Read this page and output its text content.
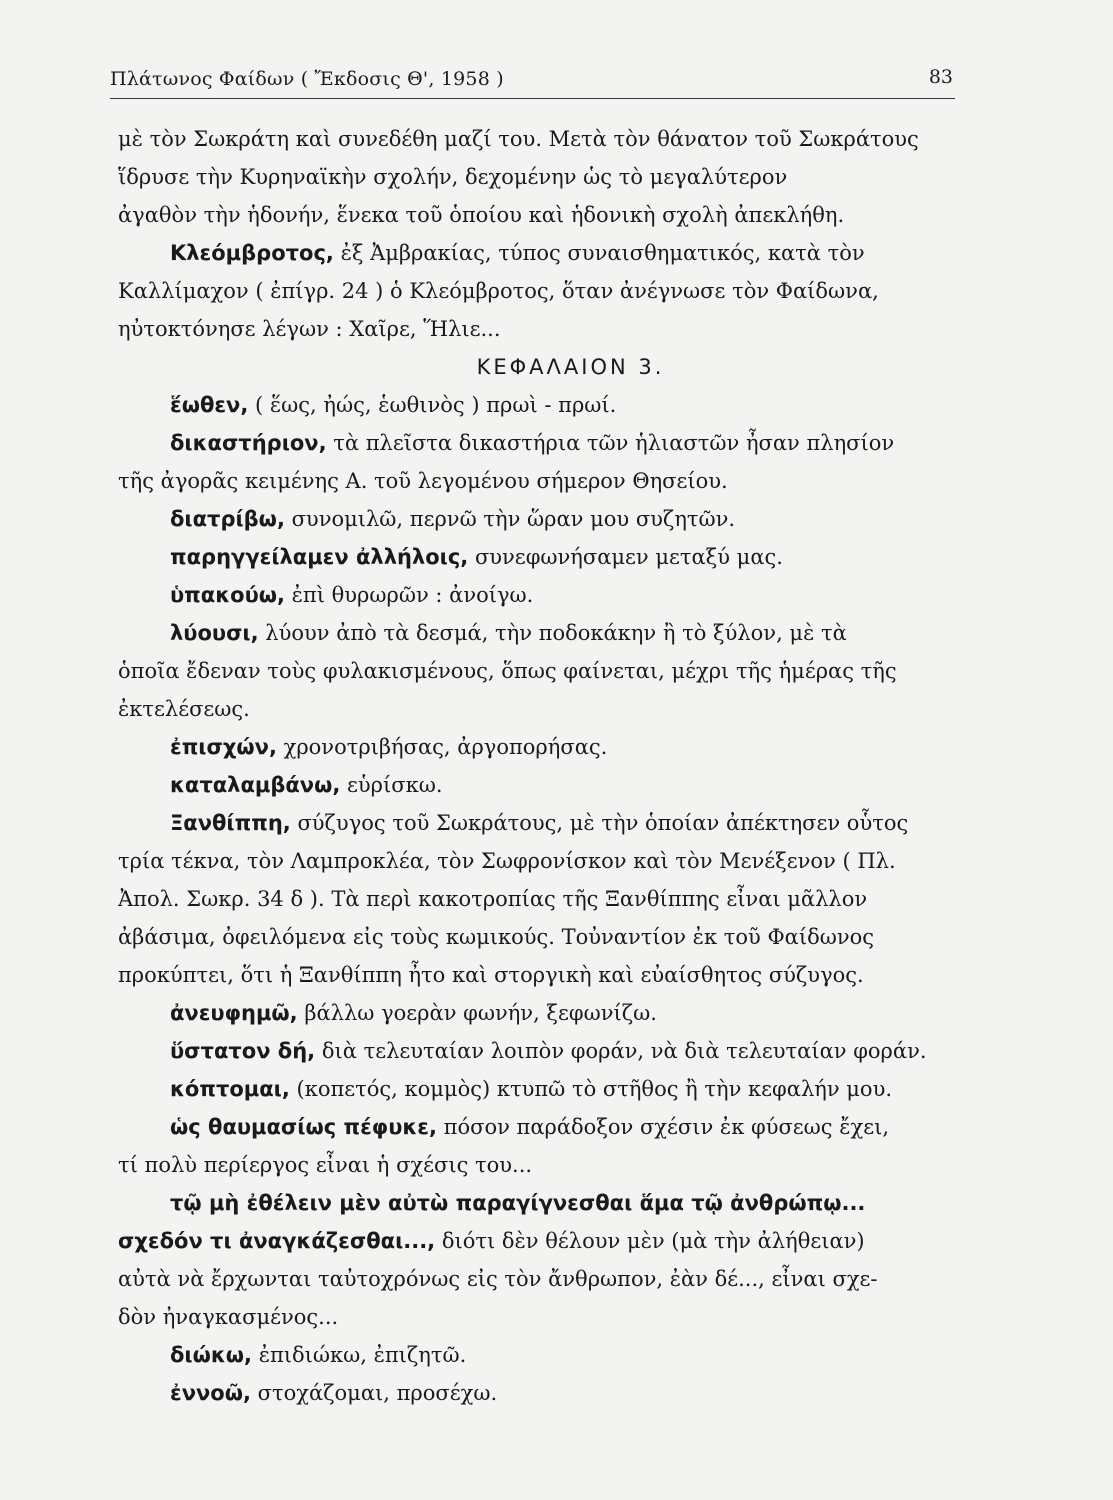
Πλάτωνος Φαίδων ( Ἔκδοσις Θ', 1958 )	83
μὲ τὸν Σωκράτη καὶ συνεδέθη μαζί του. Μετὰ τὸν θάνατον τοῦ Σωκράτους
ἵδρυσε τὴν Κυρηναϊκὴν σχολήν, δεχομένην ὡς τὸ μεγαλύτερον
ἀγαθὸν τὴν ἡδονήν, ἕνεκα τοῦ ὁποίου καὶ ἡδονικὴ σχολὴ ἀπεκλήθη.
Κλεόμβροτος, ἐξ Ἀμβρακίας, τύπος συναισθηματικός, κατὰ τὸν
Καλλίμαχον ( ἐπίγρ. 24 ) ὁ Κλεόμβροτος, ὅταν ἀνέγνωσε τὸν Φαίδωνα,
ηὐτοκτόνησε λέγων : Χαῖρε, Ἥλιε...
ΚΕΦΑΛΑΙΟΝ 3.
ἕωθεν, ( ἕως, ἠώς, ἑωθινὸς ) πρωὶ - πρωί.
δικαστήριον, τὰ πλεῖστα δικαστήρια τῶν ἡλιαστῶν ἦσαν πλησίον
τῆς ἀγορᾶς κειμένης Α. τοῦ λεγομένου σήμερον Θησείου.
διατρίβω, συνομιλῶ, περνῶ τὴν ὥραν μου συζητῶν.
παρηγγείλαμεν ἀλλήλοις, συνεφωνήσαμεν μεταξύ μας.
ὑπακούω, ἐπὶ θυρωρῶν : ἀνοίγω.
λύουσι, λύουν ἀπὸ τὰ δεσμά, τὴν ποδοκάκην ἢ τὸ ξύλον, μὲ τὰ
ὁποῖα ἔδεναν τοὺς φυλακισμένους, ὅπως φαίνεται, μέχρι τῆς ἡμέρας τῆς
ἐκτελέσεως.
ἐπισχών, χρονοτριβήσας, ἀργοπορήσας.
καταλαμβάνω, εὑρίσκω.
Ξανθίππη, σύζυγος τοῦ Σωκράτους, μὲ τὴν ὁποίαν ἀπέκτησεν οὗτος
τρία τέκνα, τὸν Λαμπροκλέα, τὸν Σωφρονίσκον καὶ τὸν Μενέξενον ( Πλ.
Ἀπολ. Σωκρ. 34 δ ). Τὰ περὶ κακοτροπίας τῆς Ξανθίππης εἶναι μᾶλλον
ἀβάσιμα, ὀφειλόμενα εἰς τοὺς κωμικούς. Τοὐναντίον ἐκ τοῦ Φαίδωνος
προκύπτει, ὅτι ἡ Ξανθίππη ἦτο καὶ στοργικὴ καὶ εὐαίσθητος σύζυγος.
ἀνευφημῶ, βάλλω γοερὰν φωνήν, ξεφωνίζω.
ὕστατον δή, διὰ τελευταίαν λοιπὸν φοράν, νὰ διὰ τελευταίαν φοράν.
κόπτομαι, (κοπετός, κομμὸς) κτυπῶ τὸ στῆθος ἢ τὴν κεφαλήν μου.
ὡς θαυμασίως πέφυκε, πόσον παράδοξον σχέσιν ἐκ φύσεως ἔχει,
τί πολὺ περίεργος εἶναι ἡ σχέσις του...
τῷ μὴ ἐθέλειν μὲν αὐτὼ παραγίγνεσθαι ἅμα τῷ ἀνθρώπῳ...
σχεδόν τι ἀναγκάζεσθαι..., διότι δὲν θέλουν μὲν (μὰ τὴν ἀλήθειαν)
αὐτὰ νὰ ἔρχωνται ταὐτοχρόνως εἰς τὸν ἄνθρωπον, ἐὰν δέ..., εἶναι σχε-
δὸν ἠναγκασμένος...
διώκω, ἐπιδιώκω, ἐπιζητῶ.
ἐννοῶ, στοχάζομαι, προσέχω.
